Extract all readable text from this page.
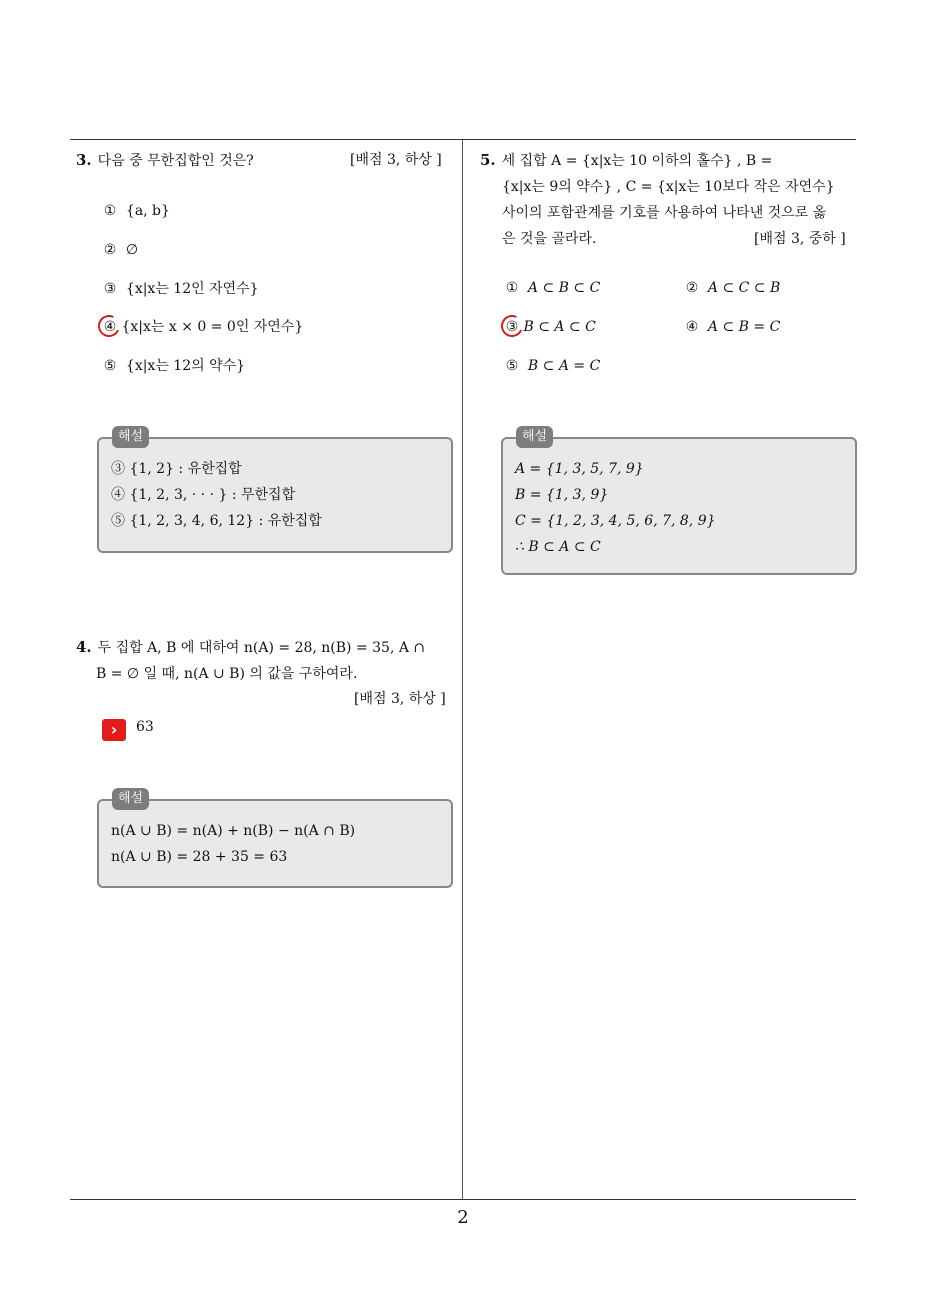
3. 다음 중 무한집합인 것은?	[배점 3, 하상 ]
① {a, b}
② ∅
③ {x|x는 12인 자연수}
④ {x|x는 x × 0 = 0인 자연수}
⑤ {x|x는 12의 약수}
③ {1, 2} : 유한집합
④ {1, 2, 3, · · · } : 무한집합
⑤ {1, 2, 3, 4, 6, 12} : 유한집합
해설
4. 두 집합 A, B 에 대하여 n(A) = 28, n(B) = 35, A ∩
B = ∅ 일 때, n(A ∪ B) 의 값을 구하여라.
[배점 3, 하상 ]
›	63
n(A ∪ B) = n(A) + n(B) − n(A ∩ B)
n(A ∪ B) = 28 + 35 = 63
해설
5. 세 집합 A = {x|x는 10 이하의 홀수} , B =
{x|x는 9의 약수} , C = {x|x는 10보다 작은 자연수}
사이의 포함관계를 기호를 사용하여 나타낸 것으로 옳
은 것을 골라라.	[배점 3, 중하 ]
① A ⊂ B ⊂ C	② A ⊂ C ⊂ B
③ B ⊂ A ⊂ C	④ A ⊂ B = C
⑤ B ⊂ A = C
A = {1, 3, 5, 7, 9}
B = {1, 3, 9}
C = {1, 2, 3, 4, 5, 6, 7, 8, 9}
∴ B ⊂ A ⊂ C
해설
2
